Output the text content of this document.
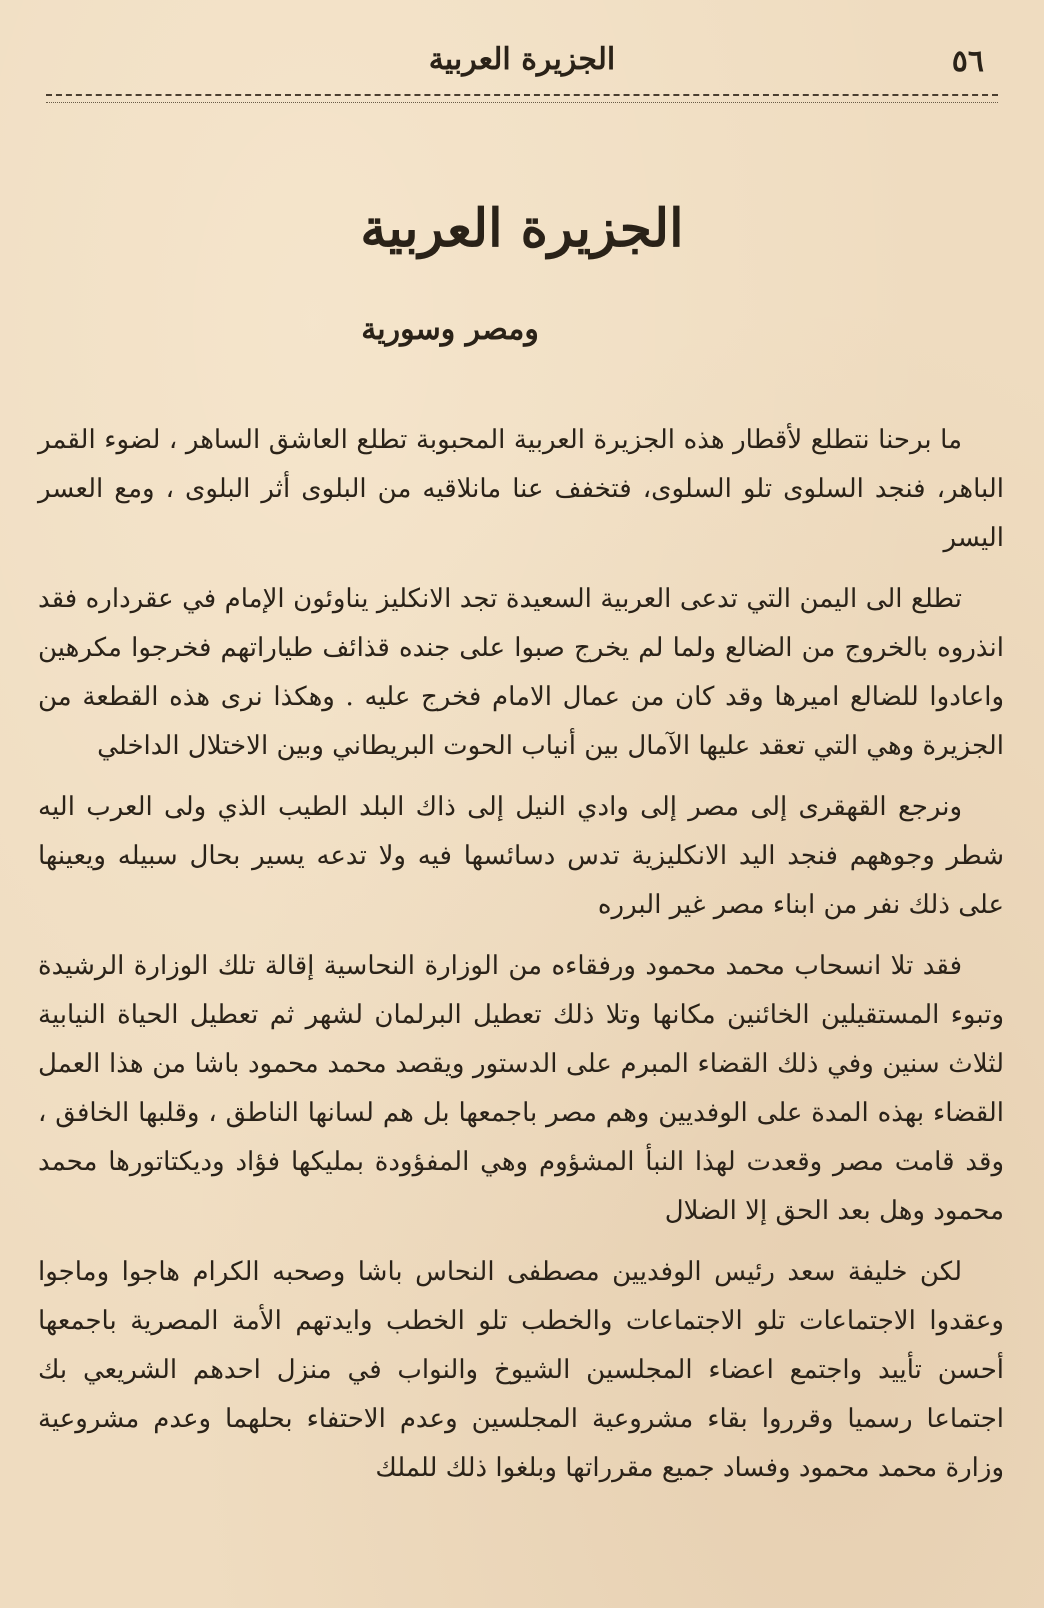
٥٦
الجزيرة العربية
الجزيرة العربية
ومصر وسورية

ما برحنا نتطلع لأقطار هذه الجزيرة العربية المحبوبة تطلع العاشق الساهر ، لضوء القمر الباهر، فنجد السلوى تلو السلوى، فتخفف عنا مانلاقيه من البلوى أثر البلوى ، ومع العسر اليسر

تطلع الى اليمن التي تدعى العربية السعيدة تجد الانكليز يناوئون الإمام في عقرداره فقد انذروه بالخروج من الضالع ولما لم يخرج صبوا على جنده قذائف طياراتهم فخرجوا مكرهين واعادوا للضالع اميرها وقد كان من عمال الامام فخرج عليه . وهكذا نرى هذه القطعة من الجزيرة وهي التي تعقد عليها الآمال بين أنياب الحوت البريطاني وبين الاختلال الداخلي

ونرجع القهقرى إلى مصر إلى وادي النيل إلى ذاك البلد الطيب الذي ولى العرب اليه شطر وجوههم فنجد اليد الانكليزية تدس دسائسها فيه ولا تدعه يسير بحال سبيله ويعينها على ذلك نفر من ابناء مصر غير البرره

فقد تلا انسحاب محمد محمود ورفقاءه من الوزارة النحاسية إقالة تلك الوزارة الرشيدة وتبوء المستقيلين الخائنين مكانها وتلا ذلك تعطيل البرلمان لشهر ثم تعطيل الحياة النيابية لثلاث سنين وفي ذلك القضاء المبرم على الدستور ويقصد محمد محمود باشا من هذا العمل القضاء بهذه المدة على الوفديين وهم مصر باجمعها بل هم لسانها الناطق ، وقلبها الخافق ، وقد قامت مصر وقعدت لهذا النبأ المشؤوم وهي المفؤودة بمليكها فؤاد وديكتاتورها محمد محمود وهل بعد الحق إلا الضلال

لكن خليفة سعد رئيس الوفديين مصطفى النحاس باشا وصحبه الكرام هاجوا وماجوا وعقدوا الاجتماعات تلو الاجتماعات والخطب تلو الخطب وايدتهم الأمة المصرية باجمعها أحسن تأييد واجتمع اعضاء المجلسين الشيوخ والنواب في منزل احدهم الشريعي بك اجتماعا رسميا وقرروا بقاء مشروعية المجلسين وعدم الاحتفاء بحلهما وعدم مشروعية وزارة محمد محمود وفساد جميع مقرراتها وبلغوا ذلك للملك
